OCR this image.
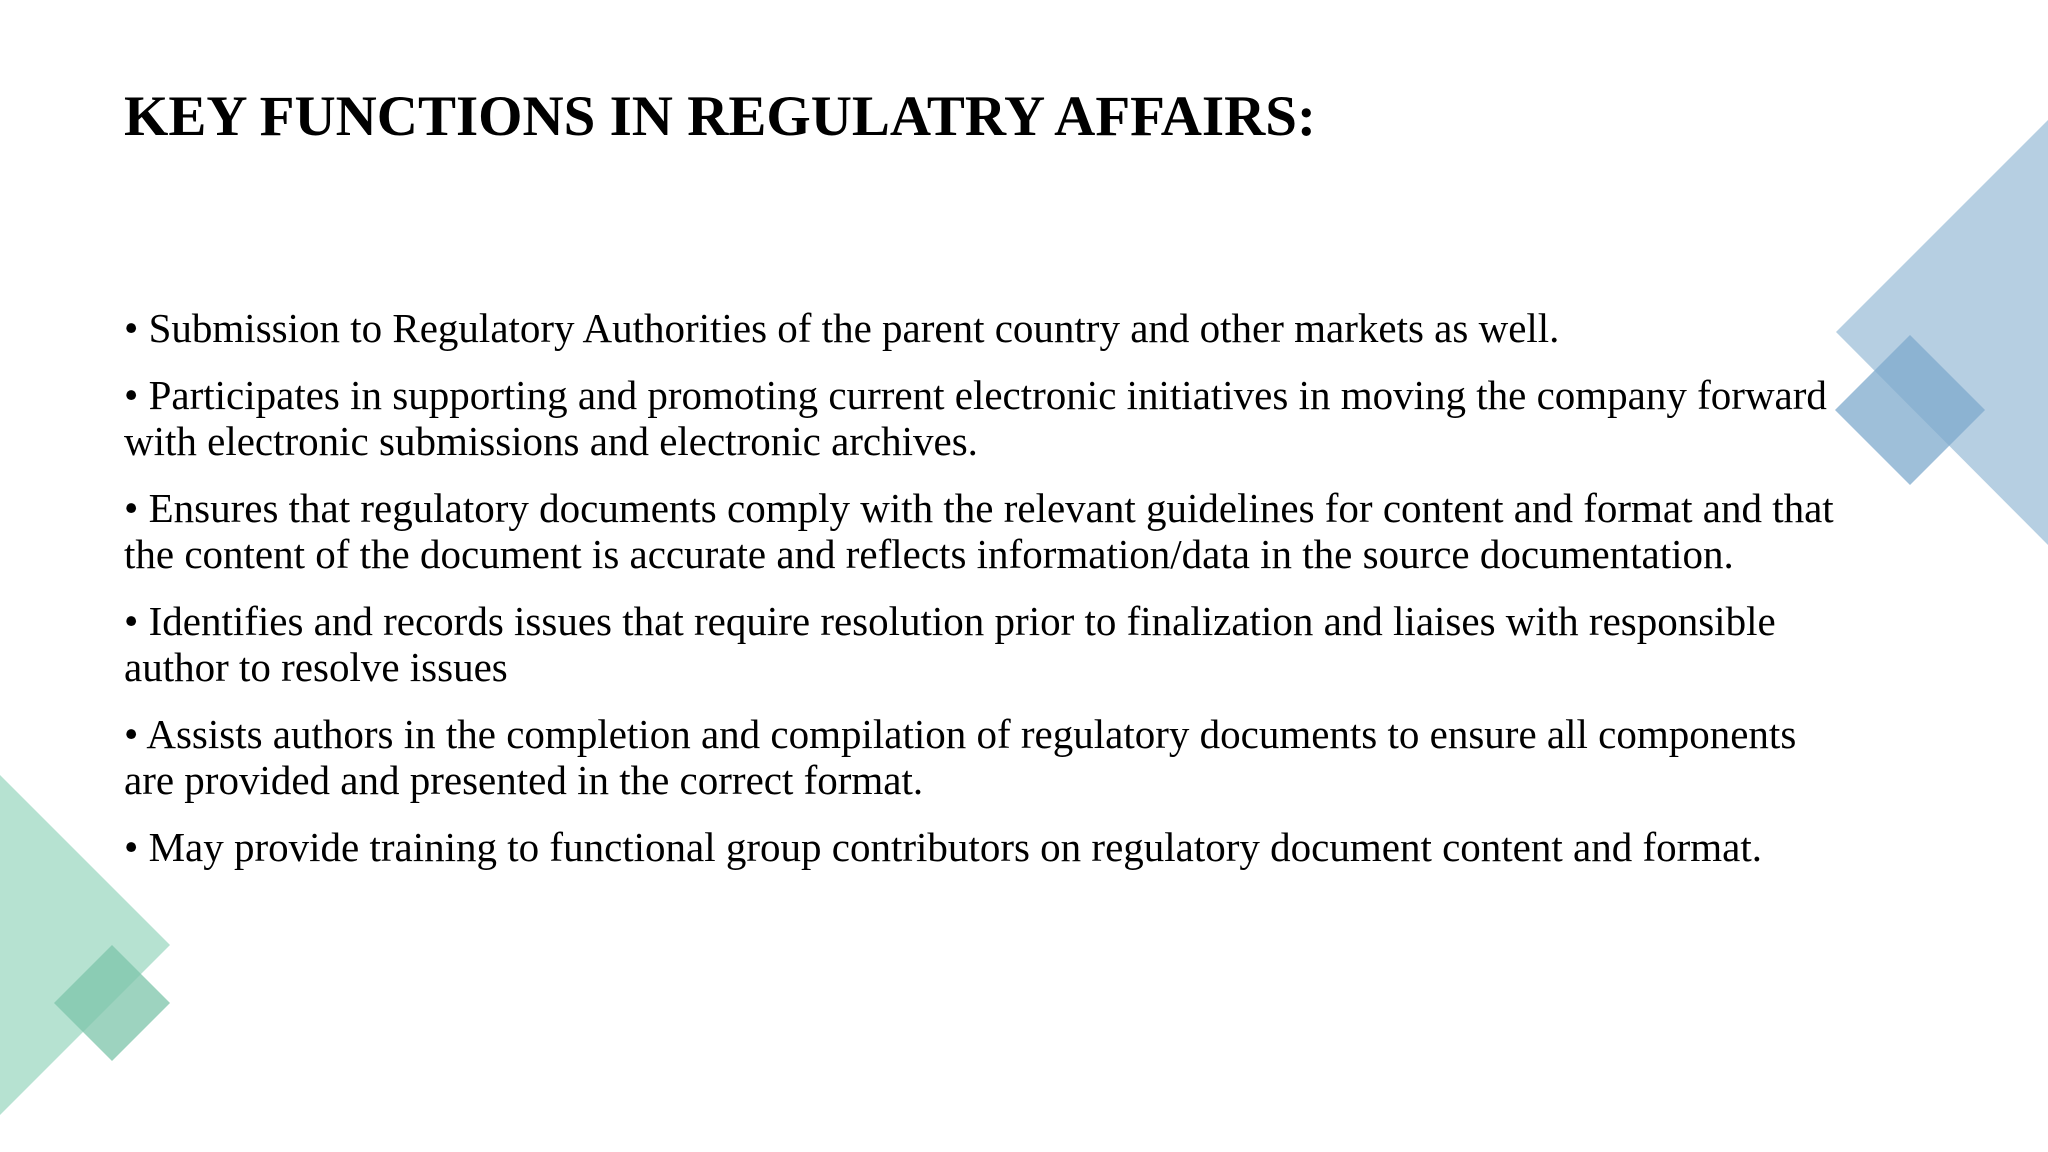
KEY FUNCTIONS IN REGULATRY AFFAIRS:
• Submission to Regulatory Authorities of the parent country and other markets as well.
• Participates in supporting and promoting current electronic initiatives in moving the company forward
with electronic submissions and electronic archives.
• Ensures that regulatory documents comply with the relevant guidelines for content and format and that
the content of the document is accurate and reflects information/data in the source documentation.
• Identifies and records issues that require resolution prior to finalization and liaises with responsible
author to resolve issues
• Assists authors in the completion and compilation of regulatory documents to ensure all components
are provided and presented in the correct format.
• May provide training to functional group contributors on regulatory document content and format.
